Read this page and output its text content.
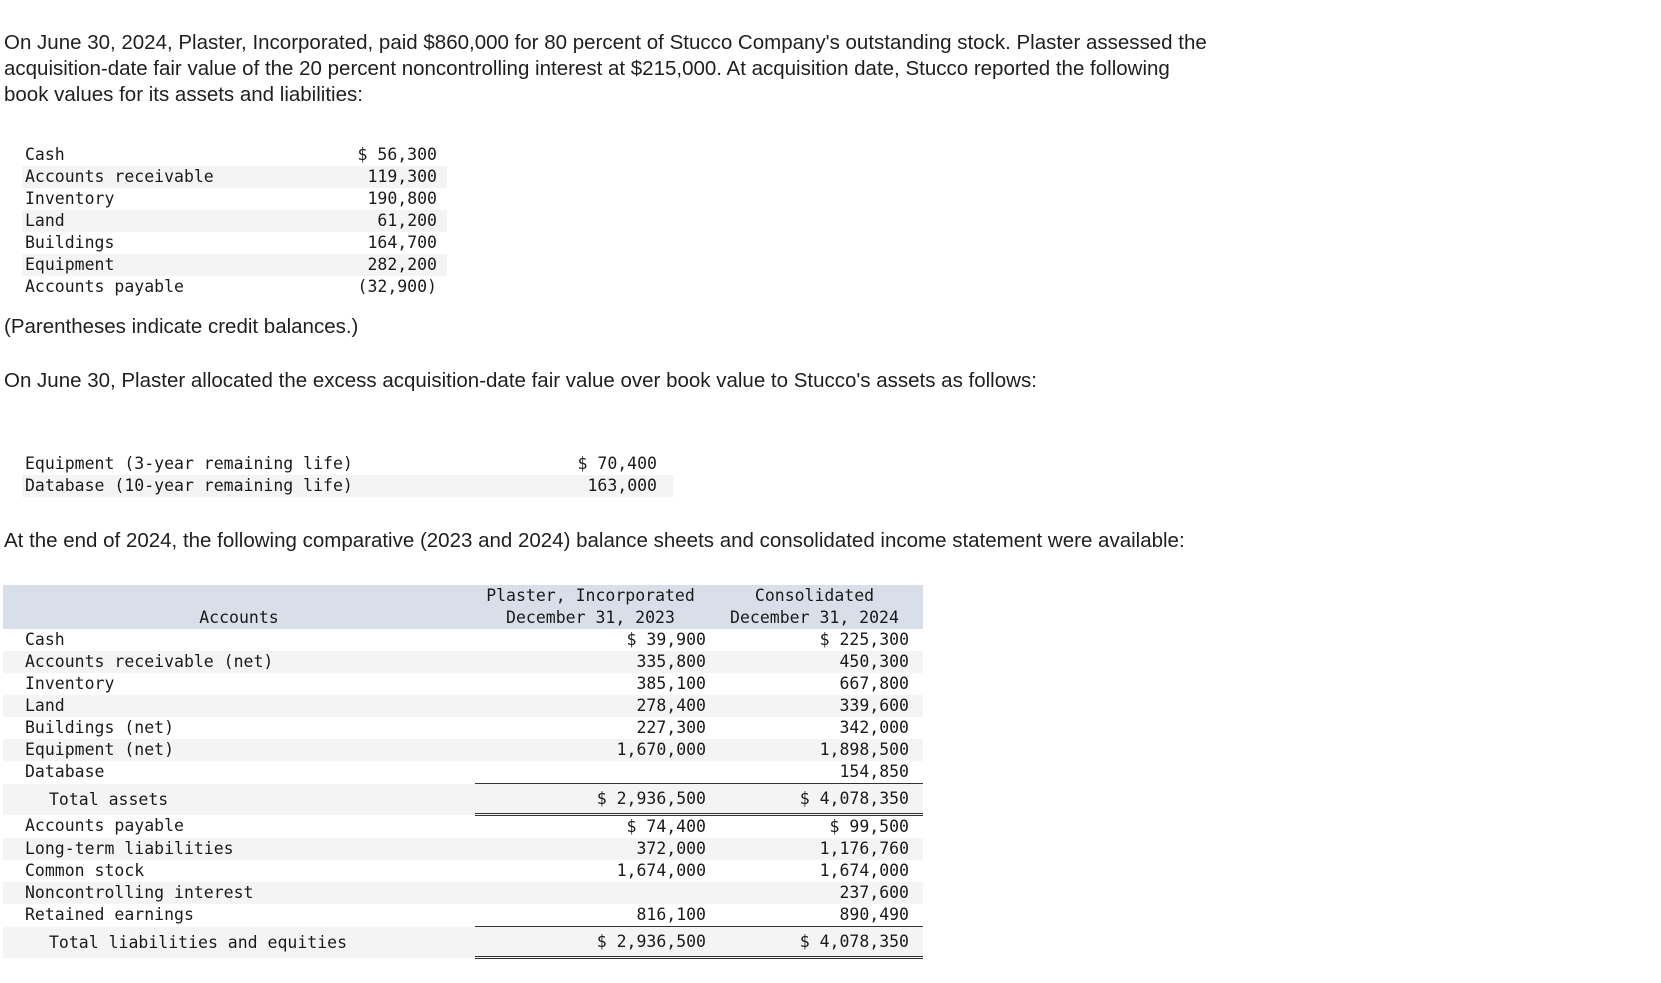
On June 30, 2024, Plaster, Incorporated, paid $860,000 for 80 percent of Stucco Company's outstanding stock. Plaster assessed the
acquisition-date fair value of the 20 percent noncontrolling interest at $215,000. At acquisition date, Stucco reported the following
book values for its assets and liabilities:

Cash	$ 56,300
Accounts receivable	119,300
Inventory	190,800
Land	61,200
Buildings	164,700
Equipment	282,200
Accounts payable	(32,900)

(Parentheses indicate credit balances.)

On June 30, Plaster allocated the excess acquisition-date fair value over book value to Stucco's assets as follows:

Equipment (3-year remaining life)	$ 70,400
Database (10-year remaining life)	163,000

At the end of 2024, the following comparative (2023 and 2024) balance sheets and consolidated income statement were available:

	Plaster, Incorporated	Consolidated
Accounts	December 31, 2023	December 31, 2024
Cash	$ 39,900	$ 225,300
Accounts receivable (net)	335,800	450,300
Inventory	385,100	667,800
Land	278,400	339,600
Buildings (net)	227,300	342,000
Equipment (net)	1,670,000	1,898,500
Database		154,850
Total assets	$ 2,936,500	$ 4,078,350
Accounts payable	$ 74,400	$ 99,500
Long-term liabilities	372,000	1,176,760
Common stock	1,674,000	1,674,000
Noncontrolling interest		237,600
Retained earnings	816,100	890,490
Total liabilities and equities	$ 2,936,500	$ 4,078,350
